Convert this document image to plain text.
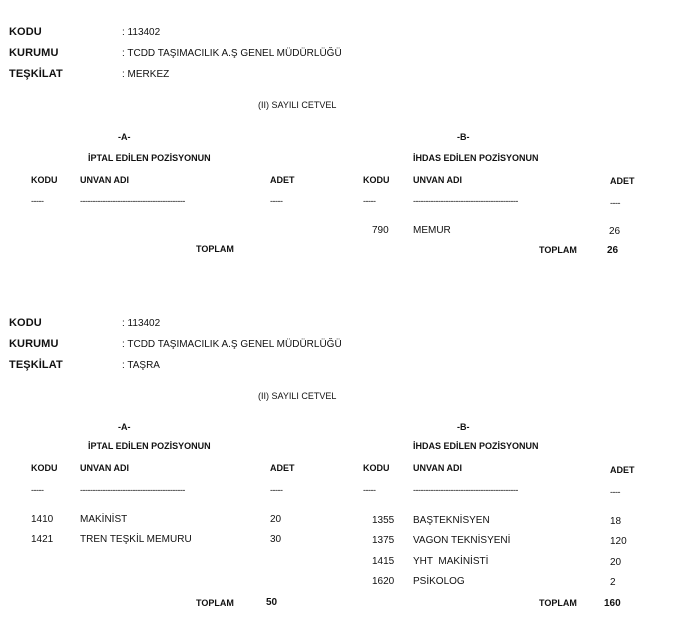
KODU	: 113402
KURUMU	: TCDD TAŞIMACILIK A.Ş GENEL MÜDÜRLÜĞÜ
TEŞKİLAT	: MERKEZ
(II) SAYILI CETVEL
-A-
İPTAL EDİLEN POZİSYONUN
KODU	UNVAN ADI	ADET
-----	------------------------------------------	-----
TOPLAM
-B-
İHDAS EDİLEN POZİSYONUN
KODU	UNVAN ADI	ADET
-----	------------------------------------------	----
790 MEMUR	26
TOPLAM	26
KODU	: 113402
KURUMU	: TCDD TAŞIMACILIK A.Ş GENEL MÜDÜRLÜĞÜ
TEŞKİLAT	: TAŞRA
(II) SAYILI CETVEL
-A-
İPTAL EDİLEN POZİSYONUN
KODU	UNVAN ADI	ADET
-----	------------------------------------------	-----
1410	MAKİNİST	20
1421	TREN TEŞKİL MEMURU	30
TOPLAM	50
-B-
İHDAS EDİLEN POZİSYONUN
KODU	UNVAN ADI	ADET
-----	------------------------------------------	----
1355 BAŞTEKNİSYEN	18
1375 VAGON TEKNİSYENİ	120
1415 YHT  MAKİNİSTİ	20
1620 PSİKOLOG	2
TOPLAM	160
